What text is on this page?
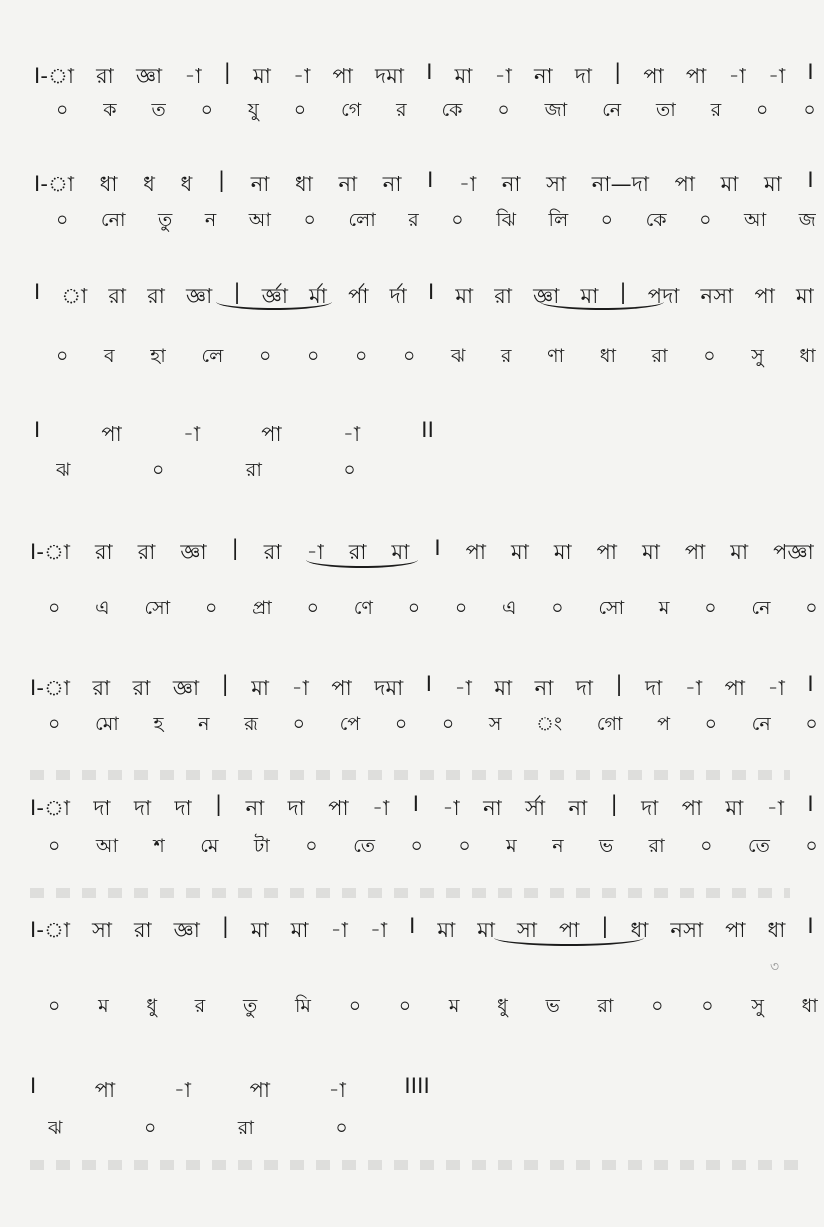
I-া রা জ্ঞা -া | মা -া পা দমা I মা -া না দা | পা পা -া -া I
০ ক ত ০ যু ০ গে র কে ০ জা নে তা র ০ ০
I-া ধা ধ ধ | না ধা না না I -া না সা না—দা পা মা মা I
০ নো তু ন আ ০ লো র ০ ঝি লি ০ কে ০ আ জ
I া রা রা জ্ঞা | র্জ্ঞা র্মা র্পা র্দা I মা রা জ্ঞা মা | পদা নসা পা মা
০ ব হা লে ০ ০ ০ ০ ঝ র ণা ধা রা ০ সু ধা
I	পা	-া	পা	-া	II
ঝ	০	রা	০
I-া রা রা জ্ঞা | রা -া রা মা I পা মা মা পা মা পা মা পজ্ঞা
০ এ সো ০ প্রা ০ ণে ০ ০ এ ০ সো ম ০ নে ০
I-া রা রা জ্ঞা | মা -া পা দমা I -া মা না দা | দা -া পা -া I
০ মো হ ন রূ ০ পে ০ ০ স ং গো প ০ নে ০
I-া দা দা দা | না দা পা -া I -া না র্সা না | দা পা মা -া I
০ আ শ মে টা ০ তে ০ ০ ম ন ভ রা ০ তে ০
I-া সা রা জ্ঞা | মা মা -া -া I মা মা সা পা | ধা নসা পা ধা I
৩
০ ম ধু র তু মি ০ ০ ম ধু ভ রা ০ ০ সু ধা
I	পা	-া	পা	-া	IIII
ঝ	০	রা	০
